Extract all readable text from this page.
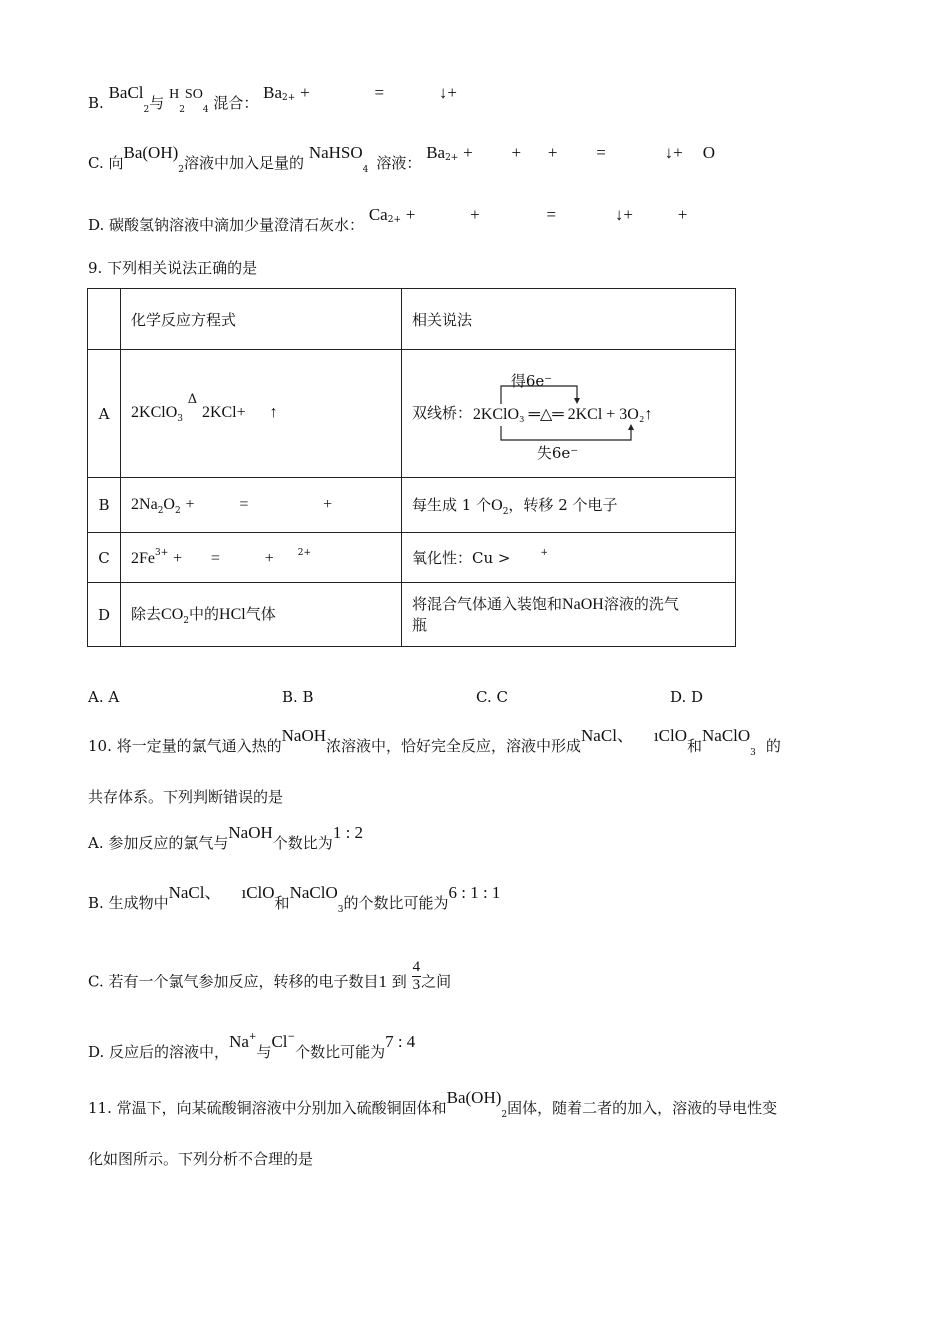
B. BaCl$_2$与 $H_2SO_4$ 混合： $Ba^{2+}$ +	=	↓+
C. 向$Ba(OH)_2$溶液中加入足量的 NaHSO$_4$ 溶液： $Ba^{2+}$ + + + =	↓+ O
D. 碳酸氢钠溶液中滴加少量澄清石灰水： $Ca^{2+}$ +	+	=	↓+	+
9. 下列相关说法正确的是
	化学反应方程式	相关说法
A	2KClO$_3$ Δ 2KCl+ ↑	双线桥：
得6e⁻
2KClO₃ ═△═ 2KCl + 3O₂↑
失6e⁻

B	$2Na_2O_2$ + = +	每生成 1 个$O_2$，转移 2 个电子
C	$2Fe^{3+}$ + = + $^{2+}$	氧化性：Cu > +
D	除去$CO_2$中的HCl气体	将混合气体通入装饱和NaOH溶液的洗气
瓶
A. A	B. B	C. C	D. D
10. 将一定量的氯气通入热的NaOH浓溶液中，恰好完全反应，溶液中形成NaCl、 ıClO和NaClO$_3$ 的
共存体系。下列判断错误的是
A. 参加反应的氯气与NaOH个数比为1 : 2
B. 生成物中NaCl、 ıClO和NaClO$_3$的个数比可能为6 : 1 : 1
C. 若有一个氯气参加反应，转移的电子数目1 到 $\frac{4}{3}$ 之间
D. 反应后的溶液中，Na+与Cl−个数比可能为7 : 4
11. 常温下，向某硫酸铜溶液中分别加入硫酸铜固体和$Ba(OH)_2$固体，随着二者的加入，溶液的导电性变
化如图所示。下列分析不合理的是
